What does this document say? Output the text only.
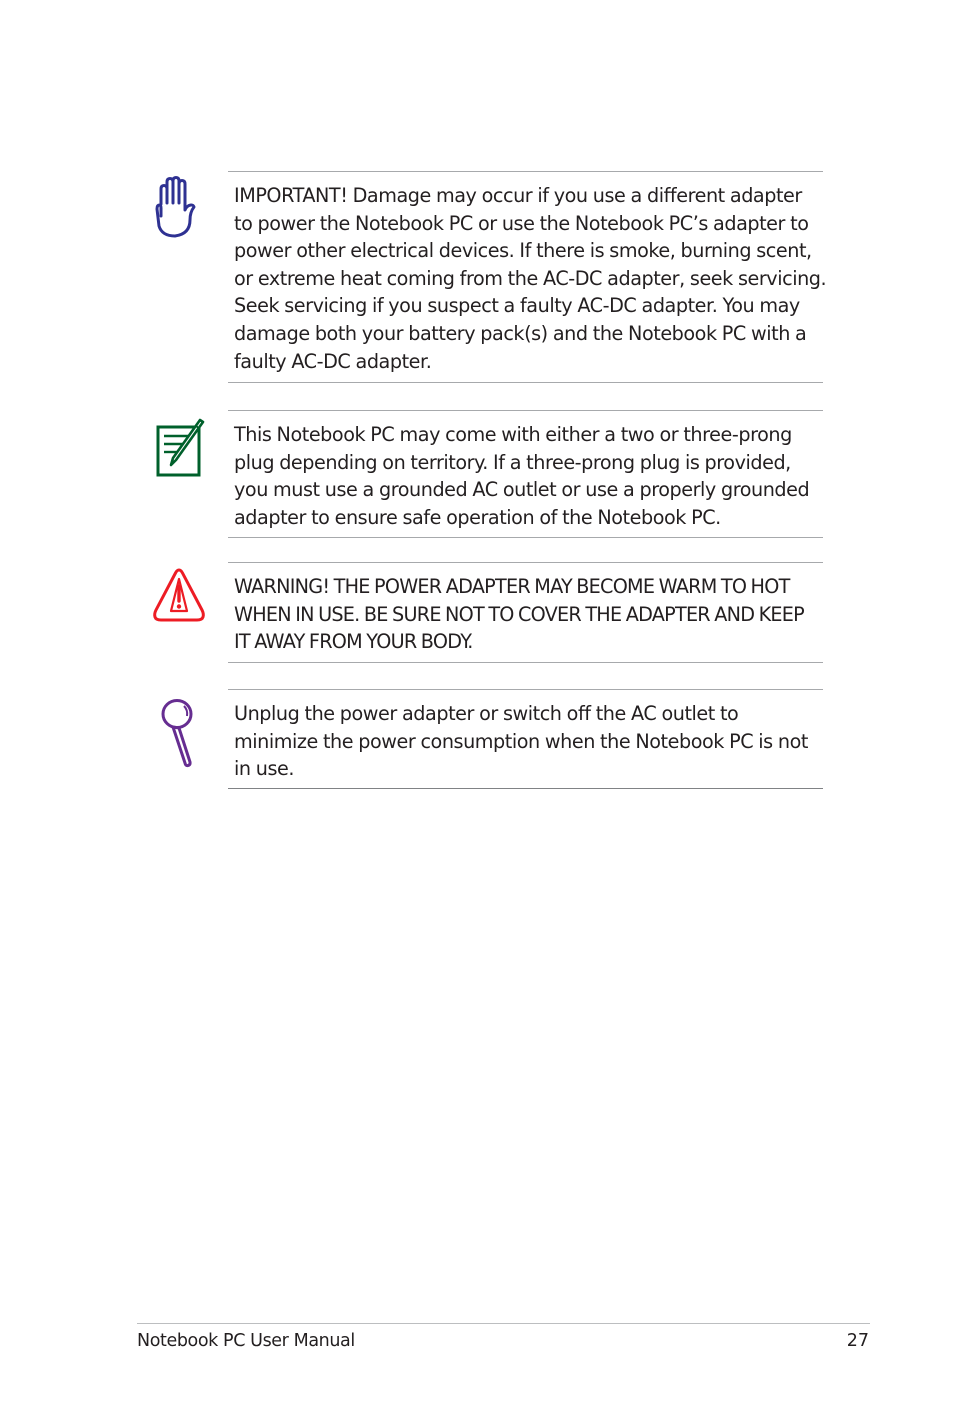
IMPORTANT! Damage may occur if you use a different adapter
to power the Notebook PC or use the Notebook PC’s adapter to
power other electrical devices. If there is smoke, burning scent,
or extreme heat coming from the AC-DC adapter, seek servicing.
Seek servicing if you suspect a faulty AC-DC adapter. You may
damage both your battery pack(s) and the Notebook PC with a
faulty AC-DC adapter.

This Notebook PC may come with either a two or three-prong
plug depending on territory. If a three-prong plug is provided,
you must use a grounded AC outlet or use a properly grounded
adapter to ensure safe operation of the Notebook PC.

WARNING! THE POWER ADAPTER MAY BECOME WARM TO HOT
WHEN IN USE. BE SURE NOT TO COVER THE ADAPTER AND KEEP
IT AWAY FROM YOUR BODY.

Unplug the power adapter or switch off the AC outlet to
minimize the power consumption when the Notebook PC is not
in use.

Notebook PC User Manual	27
